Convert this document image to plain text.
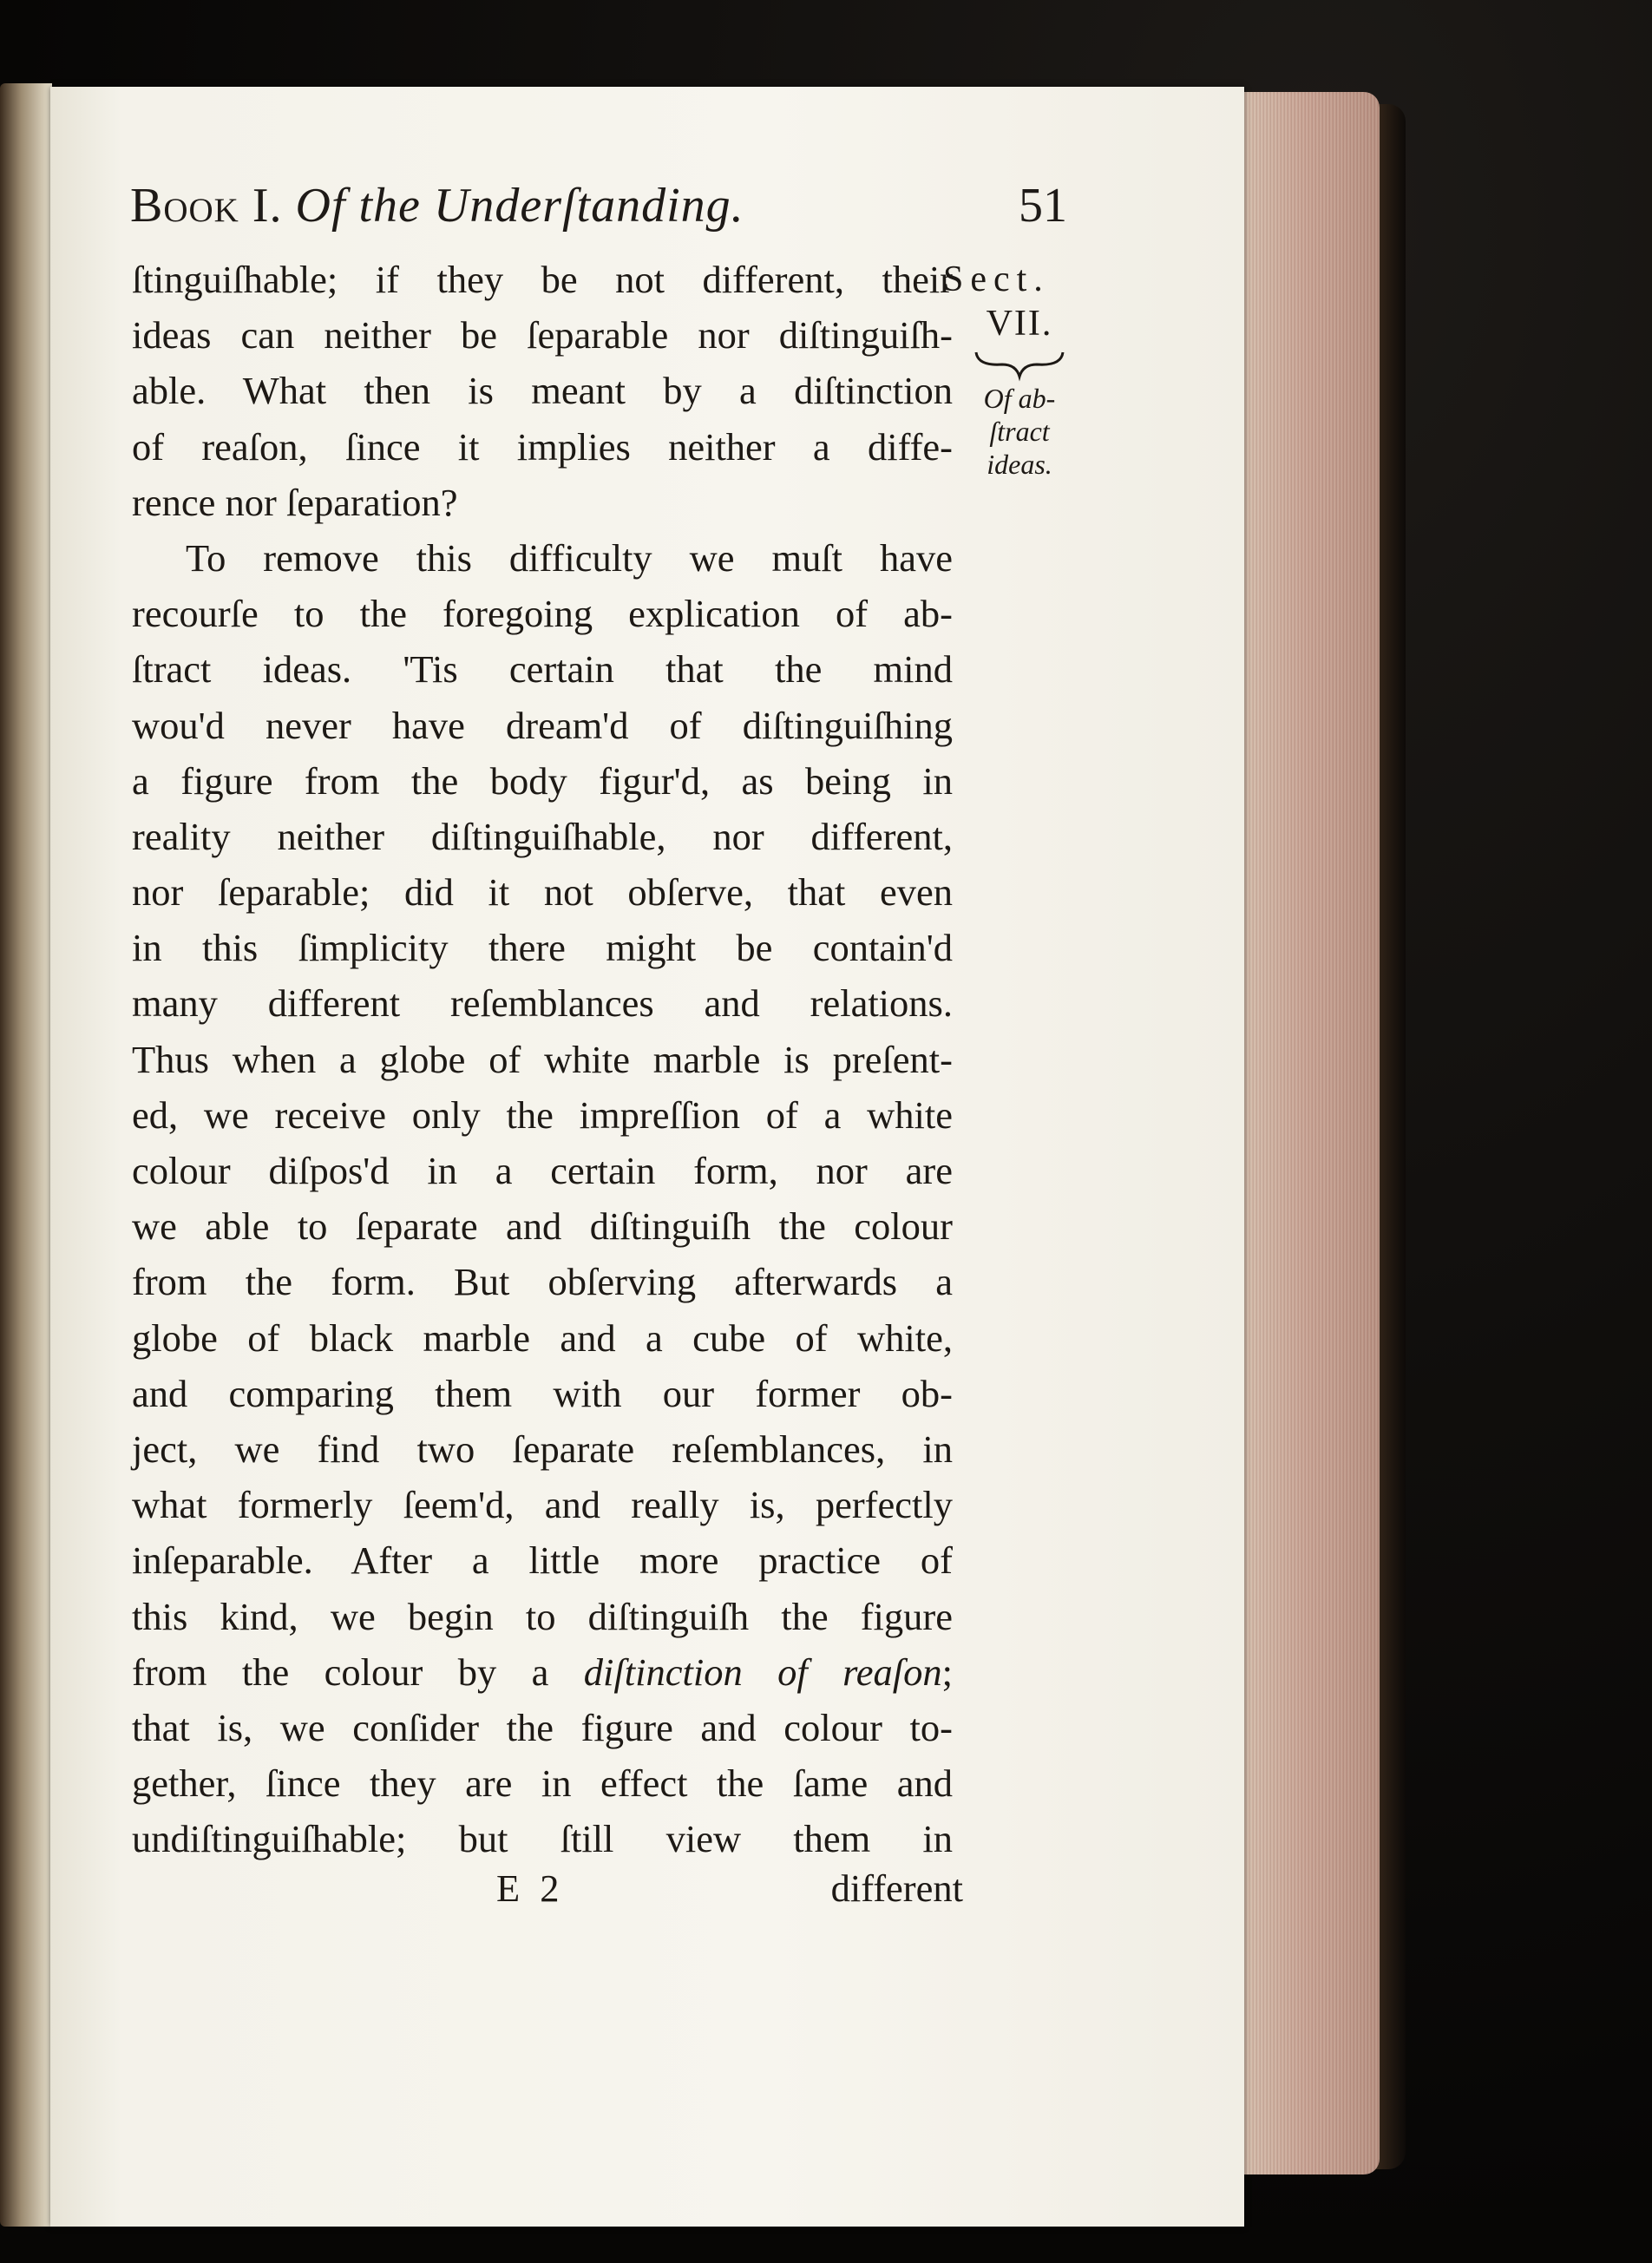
Book I. Of the Underſtanding.	51
Sect.
VII.
Of ab-
ſtract
ideas.
ſtinguiſhable; if they be not different, their
ideas can neither be ſeparable nor diſtinguiſh-
able. What then is meant by a diſtinction
of reaſon, ſince it implies neither a diffe-
rence nor ſeparation?
To remove this difficulty we muſt have
recourſe to the foregoing explication of ab-
ſtract ideas. 'Tis certain that the mind
wou'd never have dream'd of diſtinguiſhing
a figure from the body figur'd, as being in
reality neither diſtinguiſhable, nor different,
nor ſeparable; did it not obſerve, that even
in this ſimplicity there might be contain'd
many different reſemblances and relations.
Thus when a globe of white marble is preſent-
ed, we receive only the impreſſion of a white
colour diſpos'd in a certain form, nor are
we able to ſeparate and diſtinguiſh the colour
from the form. But obſerving afterwards a
globe of black marble and a cube of white,
and comparing them with our former ob-
ject, we find two ſeparate reſemblances, in
what formerly ſeem'd, and really is, perfectly
inſeparable. After a little more practice of
this kind, we begin to diſtinguiſh the figure
from the colour by a diſtinction of reaſon;
that is, we conſider the figure and colour to-
gether, ſince they are in effect the ſame and
undiſtinguiſhable; but ſtill view them in
E 2	different
